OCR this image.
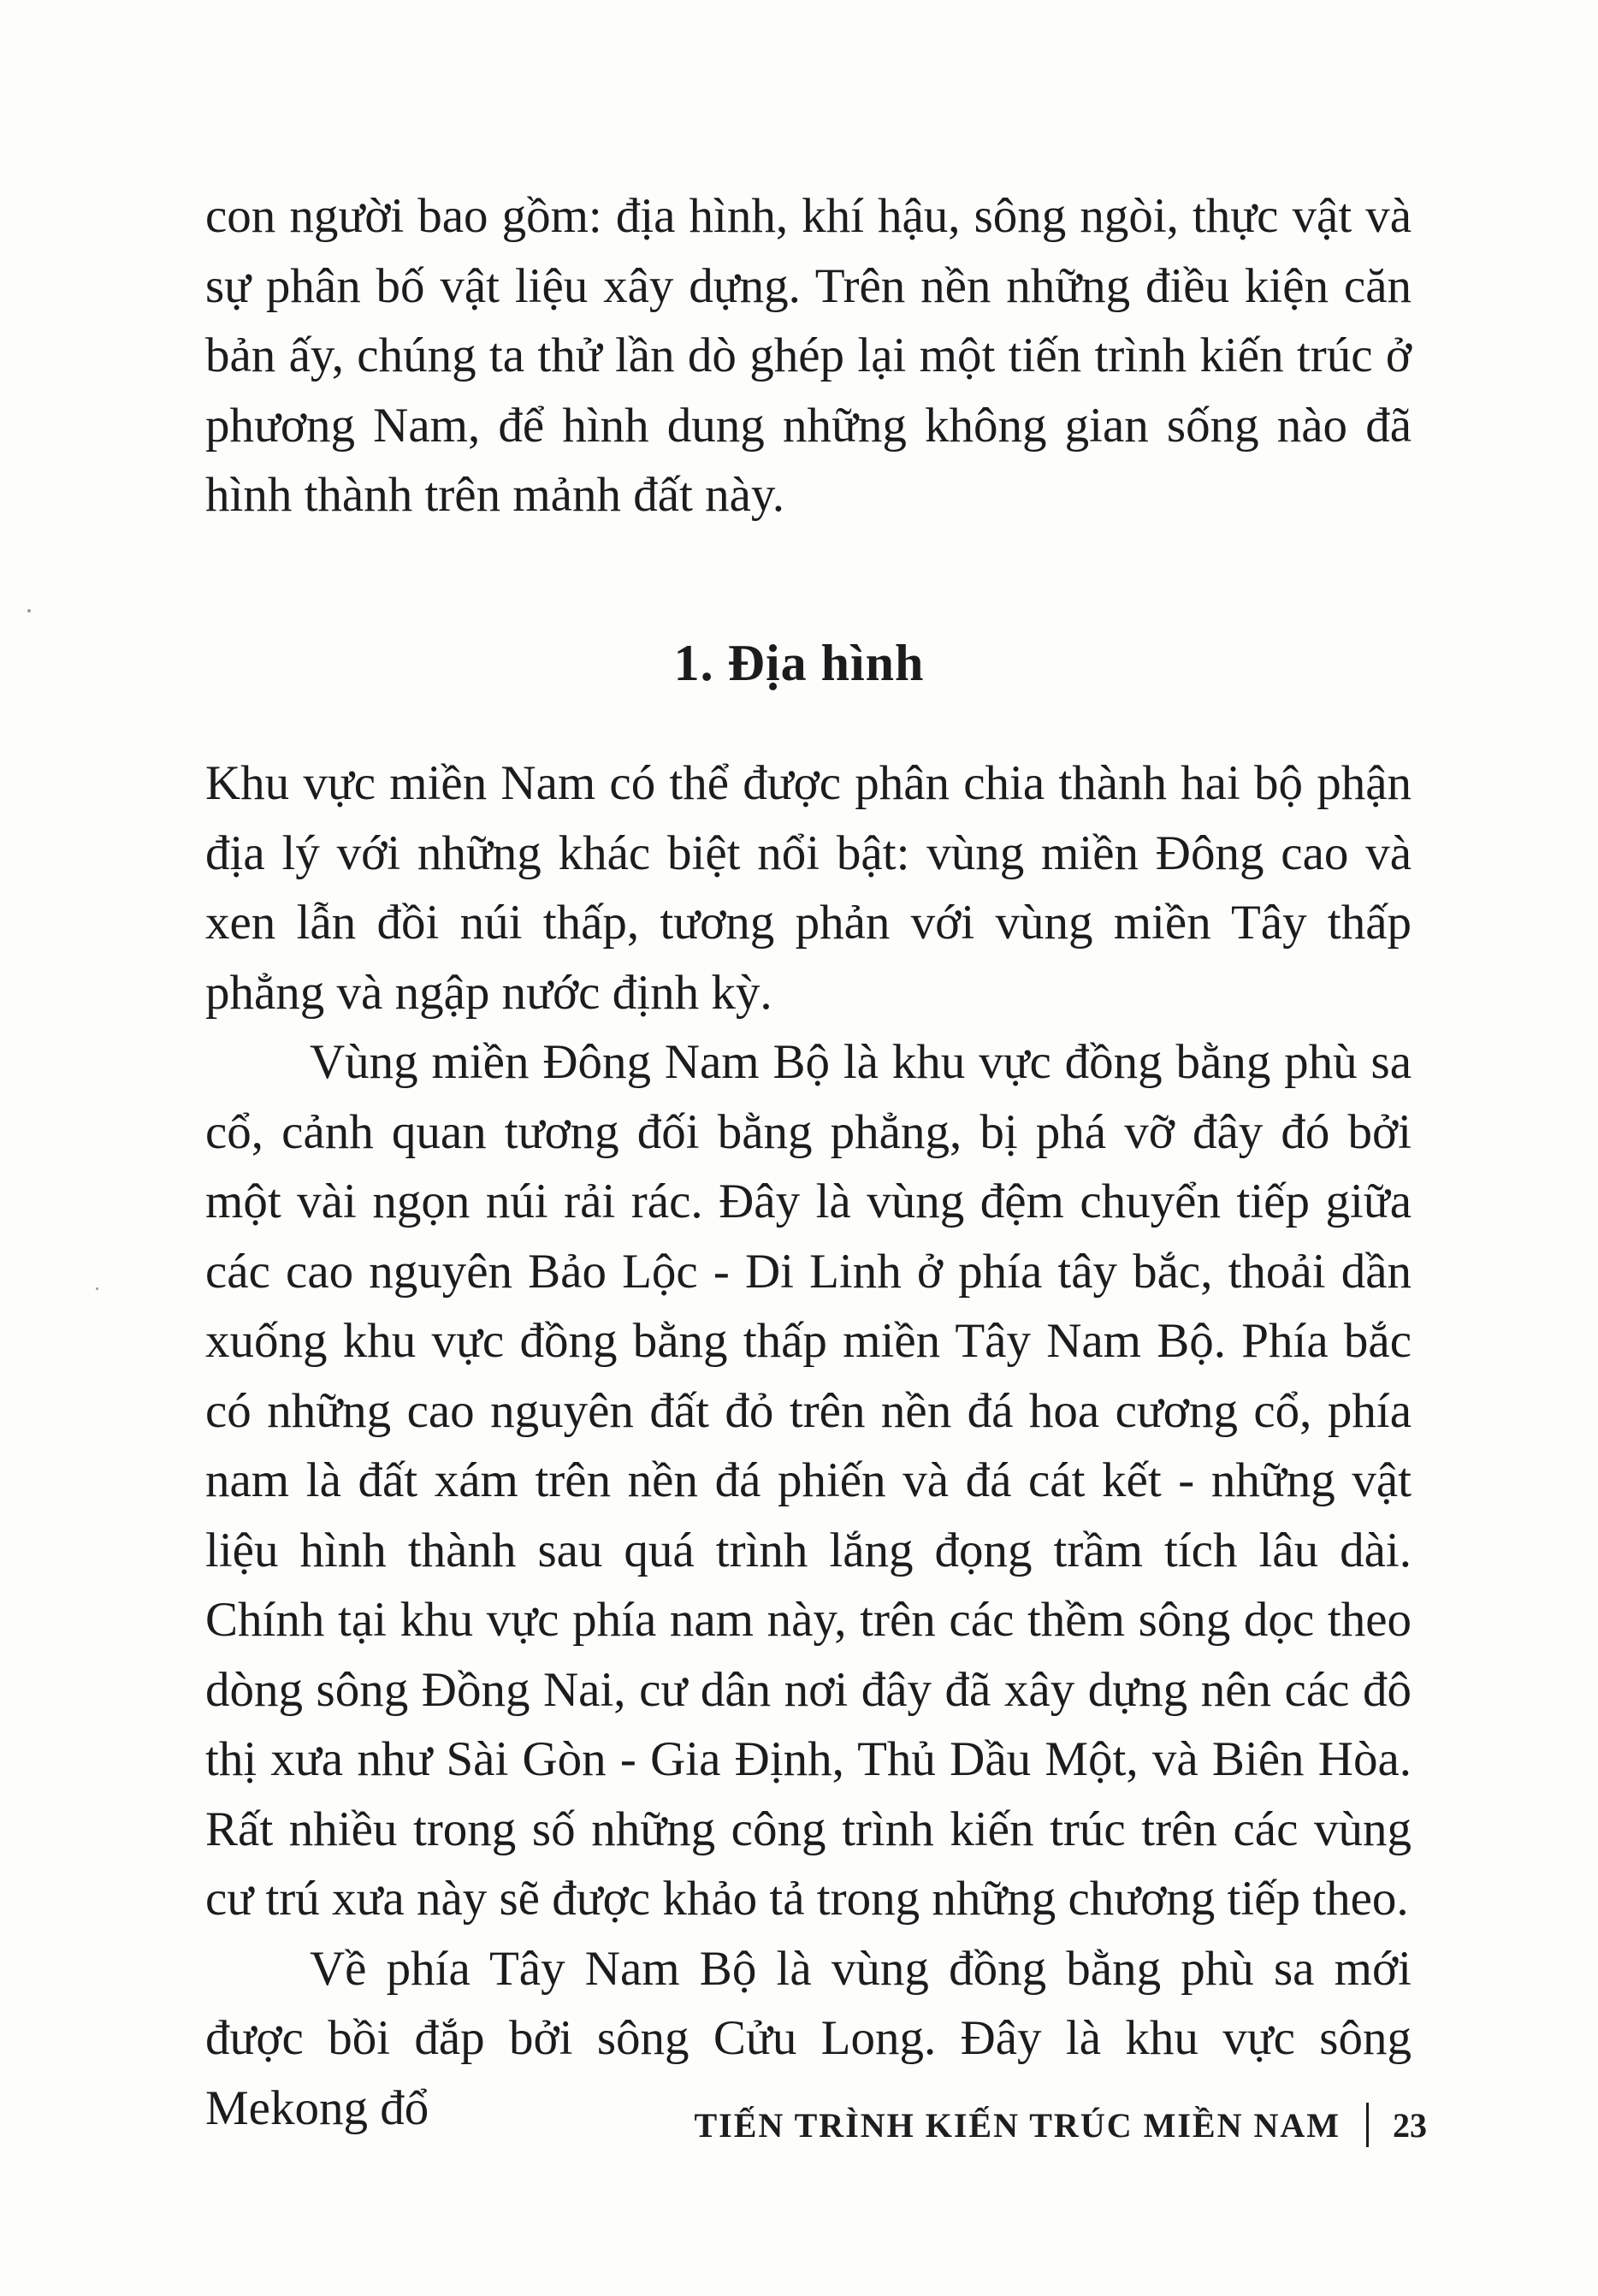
con người bao gồm: địa hình, khí hậu, sông ngòi, thực vật và sự phân bố vật liệu xây dựng. Trên nền những điều kiện căn bản ấy, chúng ta thử lần dò ghép lại một tiến trình kiến trúc ở phương Nam, để hình dung những không gian sống nào đã hình thành trên mảnh đất này.

1. Địa hình

Khu vực miền Nam có thể được phân chia thành hai bộ phận địa lý với những khác biệt nổi bật: vùng miền Đông cao và xen lẫn đồi núi thấp, tương phản với vùng miền Tây thấp phẳng và ngập nước định kỳ.

Vùng miền Đông Nam Bộ là khu vực đồng bằng phù sa cổ, cảnh quan tương đối bằng phẳng, bị phá vỡ đây đó bởi một vài ngọn núi rải rác. Đây là vùng đệm chuyển tiếp giữa các cao nguyên Bảo Lộc - Di Linh ở phía tây bắc, thoải dần xuống khu vực đồng bằng thấp miền Tây Nam Bộ. Phía bắc có những cao nguyên đất đỏ trên nền đá hoa cương cổ, phía nam là đất xám trên nền đá phiến và đá cát kết - những vật liệu hình thành sau quá trình lắng đọng trầm tích lâu dài. Chính tại khu vực phía nam này, trên các thềm sông dọc theo dòng sông Đồng Nai, cư dân nơi đây đã xây dựng nên các đô thị xưa như Sài Gòn - Gia Định, Thủ Dầu Một, và Biên Hòa. Rất nhiều trong số những công trình kiến trúc trên các vùng cư trú xưa này sẽ được khảo tả trong những chương tiếp theo.

Về phía Tây Nam Bộ là vùng đồng bằng phù sa mới được bồi đắp bởi sông Cửu Long. Đây là khu vực sông Mekong đổ	TIẾN TRÌNH KIẾN TRÚC MIỀN NAM 23
